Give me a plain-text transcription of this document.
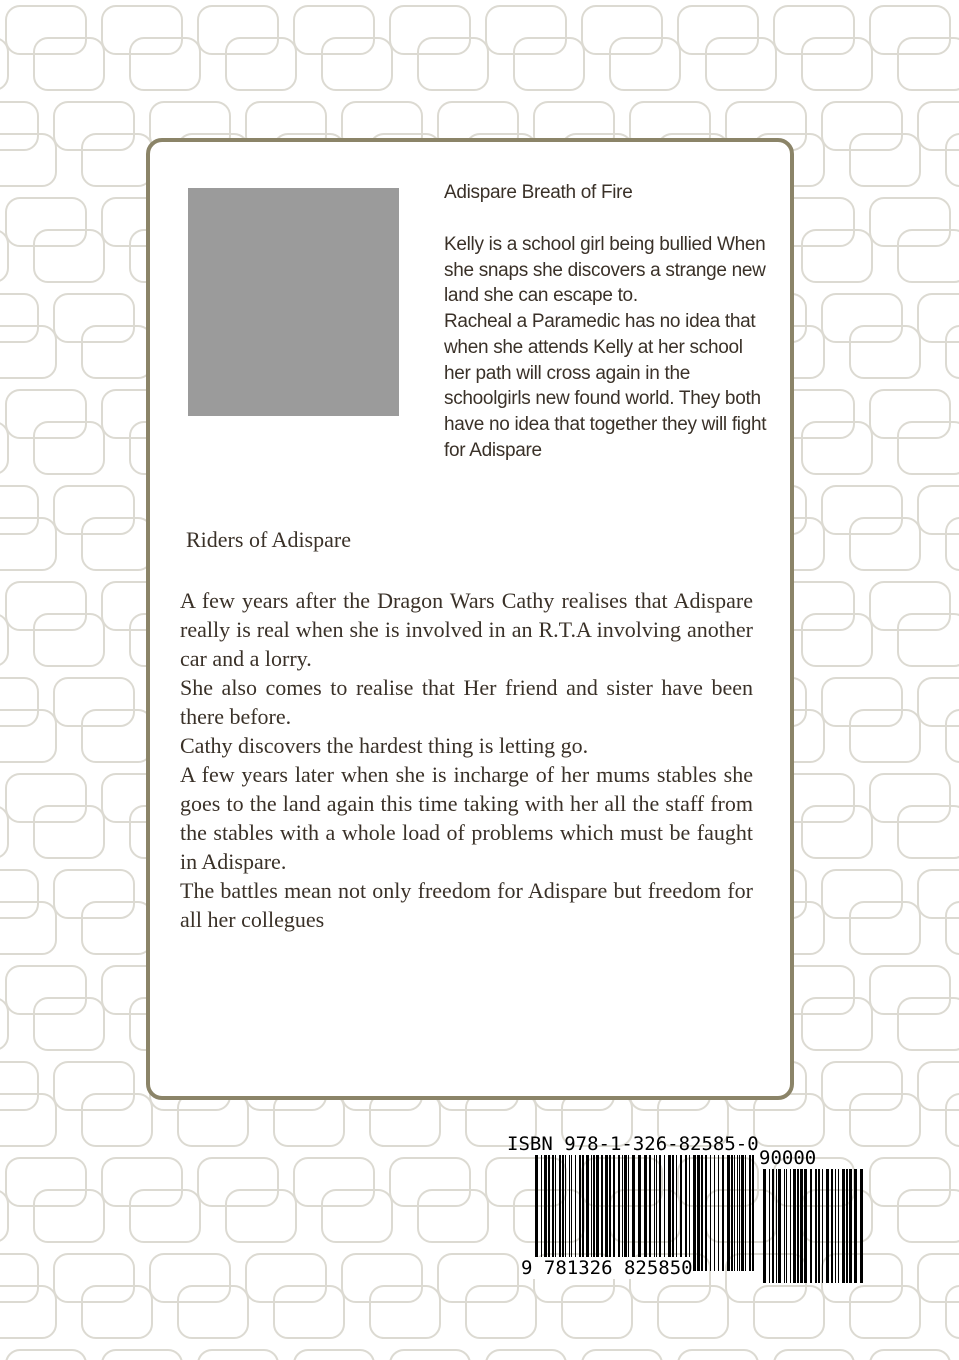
Adispare Breath of Fire

Kelly is a school girl being bullied When she snaps she discovers a strange new land she can escape to.

Racheal a Paramedic has no idea that when she attends Kelly at her school her path will cross again in the schoolgirls new found world. They both have no idea that together they will fight for Adispare

Riders of Adispare

A few years after the Dragon Wars Cathy realises that Adispare really is real when she is involved in an R.T.A involving another car and a lorry.

She also comes to realise that Her friend and sister have been there before.

Cathy discovers the hardest thing is letting go.

A few years later when she is incharge of her mums stables she goes to the land again this time taking with her all the staff from the stables with a whole load of problems which must be faught in Adispare.

The battles mean not only freedom for Adispare but freedom for all her collegues

ISBN 978-1-326-82585-0
90000
9 781326 825850
